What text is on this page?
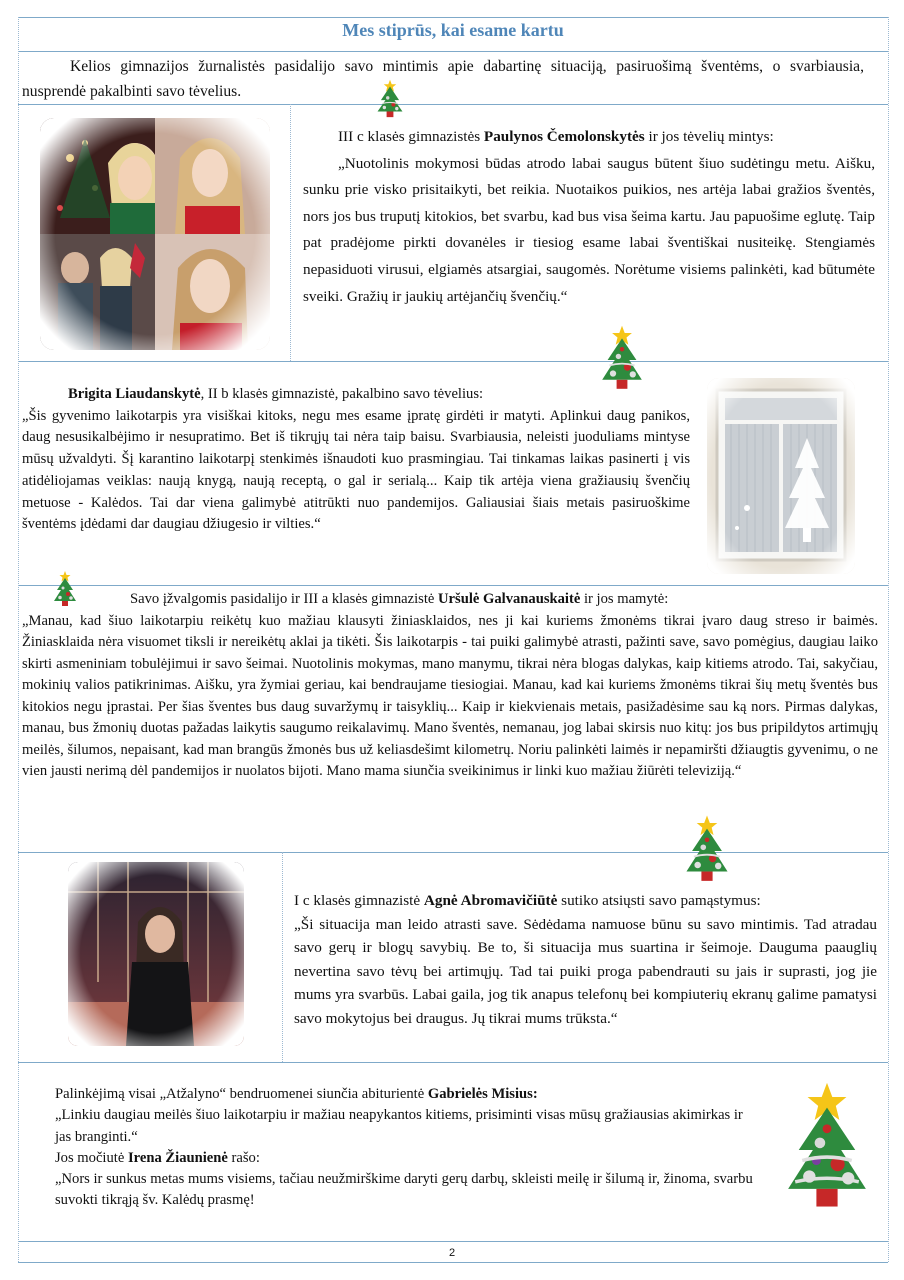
Mes stiprūs, kai esame kartu
Kelios gimnazijos žurnalistės pasidalijo savo mintimis apie dabartinę situaciją, pasiruošimą šventėms, o svarbiausia, nusprendė pakalbinti savo tėvelius.
III c klasės gimnazistės Paulynos Čemolonskytės ir jos tėvelių mintys:
„Nuotolinis mokymosi būdas atrodo labai saugus būtent šiuo sudėtingu metu. Aišku, sunku prie visko prisitaikyti, bet reikia. Nuotaikos puikios, nes artėja labai gražios šventės, nors jos bus truputį kitokios, bet svarbu, kad bus visa šeima kartu. Jau papuošime eglutę. Taip pat pradėjome pirkti dovanėles ir tiesiog esame labai šventiškai nusiteikę. Stengiamės nepasiduoti virusui, elgiamės atsargiai, saugomės. Norėtume visiems palinkėti, kad būtumėte sveiki. Gražių ir jaukių artėjančių švenčių.“
Brigita Liaudanskytė, II b klasės gimnazistė, pakalbino savo tėvelius:
„Šis gyvenimo laikotarpis yra visiškai kitoks, negu mes esame įpratę girdėti ir matyti. Aplinkui daug panikos, daug nesusikalbėjimo ir nesupratimo. Bet iš tikrųjų tai nėra taip baisu. Svarbiausia, neleisti juoduliams mintyse mūsų užvaldyti. Šį karantino laikotarpį stenkimės išnaudoti kuo prasmingiau. Tai tinkamas laikas pasinerti į vis atidėliojamas veiklas: naują knygą, naują receptą, o gal ir serialą... Kaip tik artėja viena gražiausių švenčių metuose - Kalėdos. Tai dar viena galimybė atitrūkti nuo pandemijos. Galiausiai šiais metais pasiruoškime šventėms įdėdami dar daugiau džiugesio ir vilties.“
Savo įžvalgomis pasidalijo ir III a klasės gimnazistė Uršulė Galvanauskaitė ir jos mamytė:
„Manau, kad šiuo laikotarpiu reikėtų kuo mažiau klausyti žiniasklaidos, nes ji kai kuriems žmonėms tikrai įvaro daug streso ir baimės. Žiniasklaida nėra visuomet tiksli ir nereikėtų aklai ja tikėti. Šis laikotarpis - tai puiki galimybė atrasti, pažinti save, savo pomėgius, daugiau laiko skirti asmeniniam tobulėjimui ir savo šeimai. Nuotolinis mokymas, mano manymu, tikrai nėra blogas dalykas, kaip kitiems atrodo. Tai, sakyčiau, mokinių valios patikrinimas. Aišku, yra žymiai geriau, kai bendraujame tiesiogiai. Manau, kad kai kuriems žmonėms tikrai šių metų šventės bus kitokios negu įprastai. Per šias šventes bus daug suvaržymų ir taisyklių... Kaip ir kiekvienais metais, pasižadėsime sau ką nors. Pirmas dalykas, manau, bus žmonių duotas pažadas laikytis saugumo reikalavimų. Mano šventės, nemanau, jog labai skirsis nuo kitų: jos bus pripildytos artimųjų meilės, šilumos, nepaisant, kad man brangūs žmonės bus už keliasdešimt kilometrų. Noriu palinkėti laimės ir nepamiršti džiaugtis gyvenimu, o ne vien jausti nerimą dėl pandemijos ir nuolatos bijoti. Mano mama siunčia sveikinimus ir linki kuo mažiau žiūrėti televiziją.“
I c klasės gimnazistė Agnė Abromavičiūtė sutiko atsiųsti savo pamąstymus:
„Ši situacija man leido atrasti save. Sėdėdama namuose būnu su savo mintimis. Tad atradau savo gerų ir blogų savybių. Be to, ši situacija mus suartina ir šeimoje. Dauguma paauglių nevertina savo tėvų bei artimųjų. Tad tai puiki proga pabendrauti su jais ir suprasti, jog jie mums yra svarbūs. Labai gaila, jog tik anapus telefonų bei kompiuterių ekranų galime pamatysi savo mokytojus bei draugus. Jų tikrai mums trūksta.“
Palinkėjimą visai „Atžalyno“ bendruomenei siunčia abiturientė Gabrielės Misius:
„Linkiu daugiau meilės šiuo laikotarpiu ir mažiau neapykantos kitiems, prisiminti visas mūsų gražiausias akimirkas ir jas branginti.“
Jos močiutė Irena Žiaunienė rašo:
„Nors ir sunkus metas mums visiems, tačiau neužmirškime daryti gerų darbų, skleisti meilę ir šilumą ir, žinoma, svarbu suvokti tikrąją šv. Kalėdų prasmę!
2
